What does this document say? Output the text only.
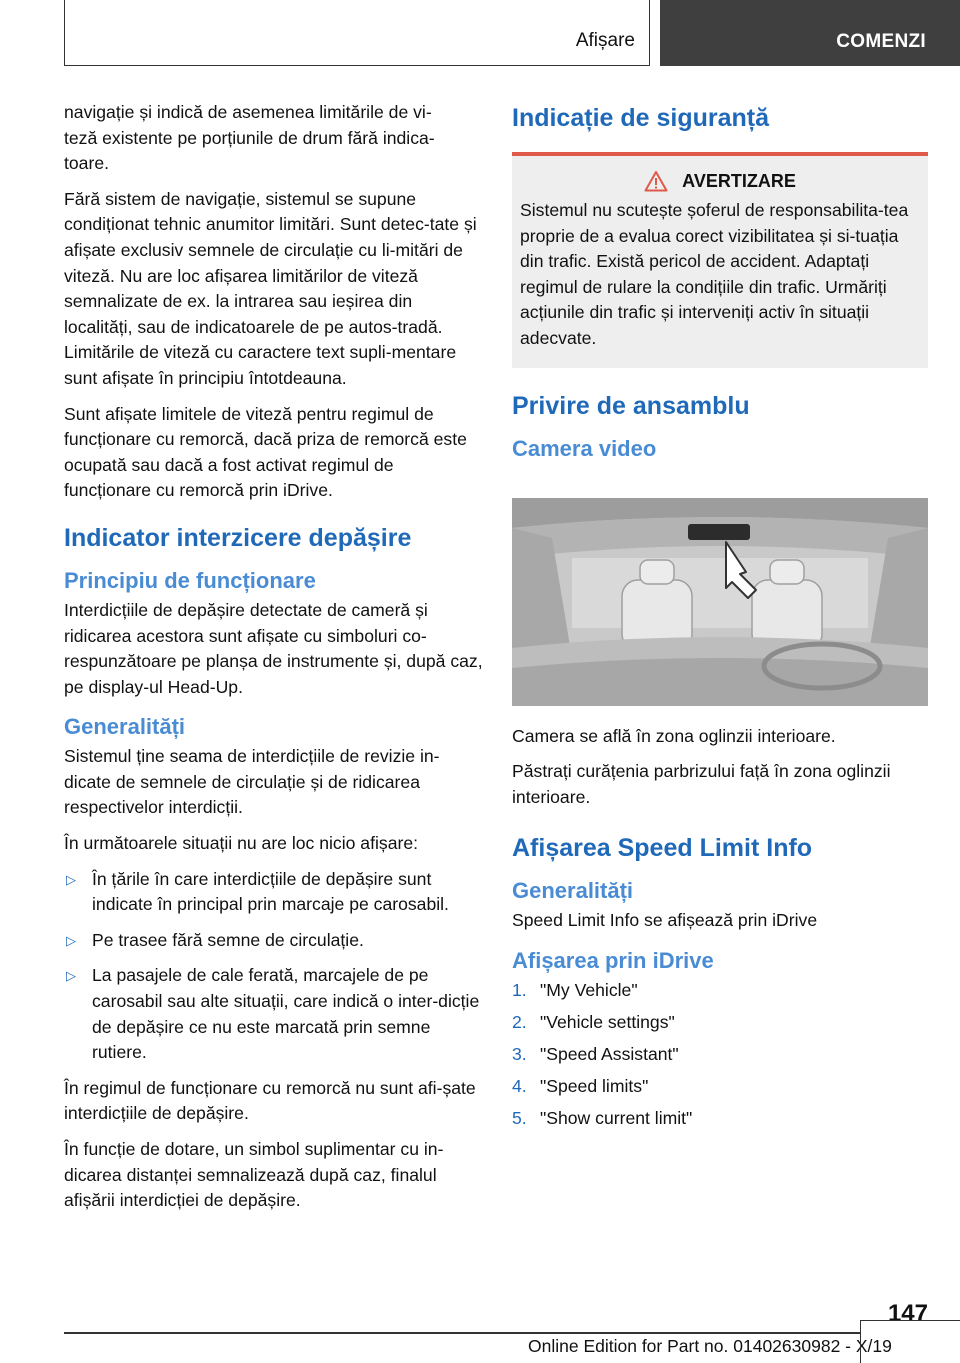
Afișare	COMENZI

navigație și indică de asemenea limitările de vi-
teză existente pe porțiunile de drum fără indica-
toare.

Fără sistem de navigație, sistemul se supune condiționat tehnic anumitor limitări. Sunt detec-tate și afișate exclusiv semnele de circulație cu li-mitări de viteză. Nu are loc afișarea limitărilor de viteză semnalizate de ex. la intrarea sau ieșirea din localități, sau de indicatoarele de pe autos-tradă. Limitările de viteză cu caractere text supli-mentare sunt afișate în principiu întotdeauna.

Sunt afișate limitele de viteză pentru regimul de funcționare cu remorcă, dacă priza de remorcă este ocupată sau dacă a fost activat regimul de funcționare cu remorcă prin iDrive.

Indicator interzicere depășire
Principiu de funcționare

Interdicțiile de depășire detectate de cameră și ridicarea acestora sunt afișate cu simboluri co-respunzătoare pe planșa de instrumente și, după caz, pe display-ul Head-Up.

Generalități

Sistemul ține seama de interdicțiile de revizie in-dicate de semnele de circulație și de ridicarea respectivelor interdicții.

În următoarele situații nu are loc nicio afișare:

▷ În țările în care interdicțiile de depășire sunt indicate în principal prin marcaje pe carosabil.
▷ Pe trasee fără semne de circulație.
▷ La pasajele de cale ferată, marcajele de pe carosabil sau alte situații, care indică o inter-dicție de depășire ce nu este marcată prin semne rutiere.

În regimul de funcționare cu remorcă nu sunt afi-șate interdicțiile de depășire.

În funcție de dotare, un simbol suplimentar cu in-dicarea distanței semnalizează după caz, finalul afișării interdicției de depășire.

Indicație de siguranță
AVERTIZARE

Sistemul nu scutește șoferul de responsabilita-tea proprie de a evalua corect vizibilitatea și si-tuația din trafic. Există pericol de accident. Adaptați regimul de rulare la condițiile din trafic. Urmăriți acțiunile din trafic și interveniți activ în situații adecvate.

Privire de ansamblu
Camera video

Camera se află în zona oglinzii interioare.

Păstrați curățenia parbrizului față în zona oglinzii interioare.

Afișarea Speed Limit Info
Generalități

Speed Limit Info se afișează prin iDrive

Afișarea prin iDrive
1. "My Vehicle"
2. "Vehicle settings"
3. "Speed Assistant"
4. "Speed limits"
5. "Show current limit"
147
Online Edition for Part no. 01402630982 - X/19
